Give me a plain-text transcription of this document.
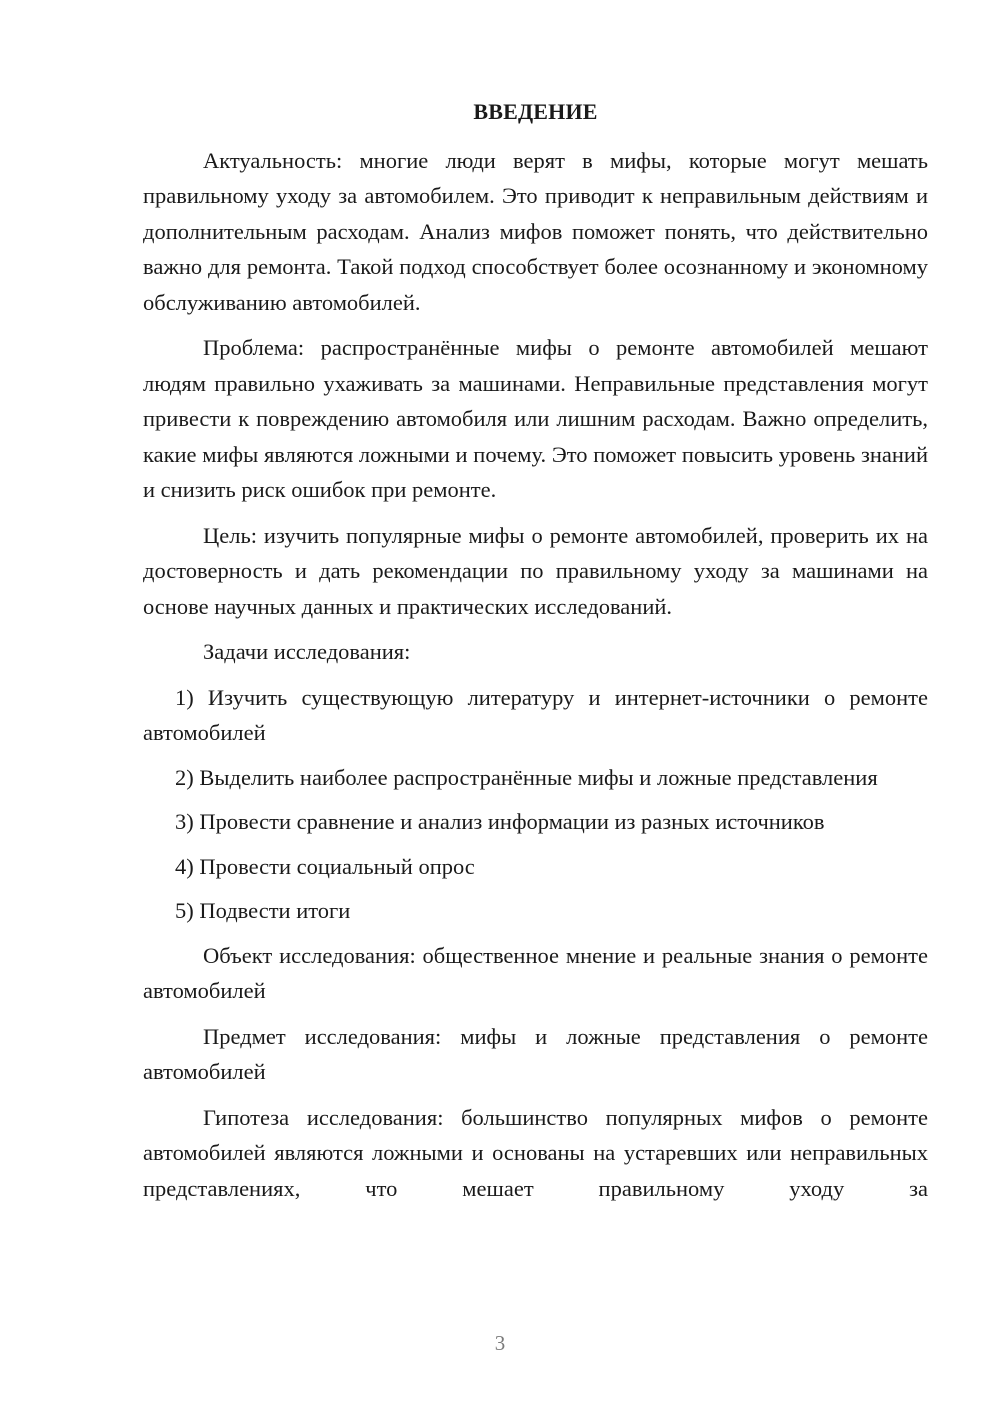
ВВЕДЕНИЕ

Актуальность: многие люди верят в мифы, которые могут мешать правильному уходу за автомобилем. Это приводит к неправильным действиям и дополнительным расходам. Анализ мифов поможет понять, что действительно важно для ремонта. Такой подход способствует более осознанному и экономному обслуживанию автомобилей.

Проблема: распространённые мифы о ремонте автомобилей мешают людям правильно ухаживать за машинами. Неправильные представления могут привести к повреждению автомобиля или лишним расходам. Важно определить, какие мифы являются ложными и почему. Это поможет повысить уровень знаний и снизить риск ошибок при ремонте.

Цель: изучить популярные мифы о ремонте автомобилей, проверить их на достоверность и дать рекомендации по правильному уходу за машинами на основе научных данных и практических исследований.

Задачи исследования:

1) Изучить существующую литературу и интернет-источники о ремонте автомобилей

2) Выделить наиболее распространённые мифы и ложные представления

3) Провести сравнение и анализ информации из разных источников

4) Провести социальный опрос

5) Подвести итоги

Объект исследования: общественное мнение и реальные знания о ремонте автомобилей

Предмет исследования: мифы и ложные представления о ремонте автомобилей

Гипотеза исследования: большинство популярных мифов о ремонте автомобилей являются ложными и основаны на устаревших или неправильных представлениях, что мешает правильному уходу за

3
